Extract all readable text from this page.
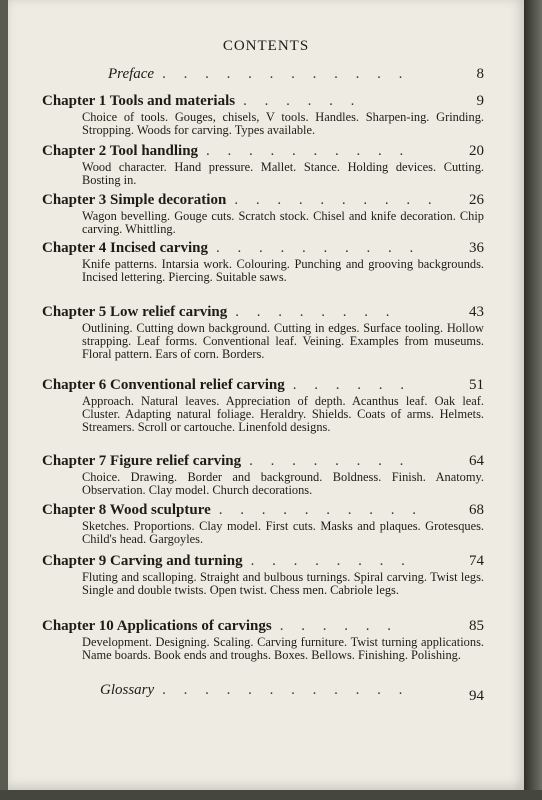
CONTENTS
Preface . . . . . . . . . . . .	8
Chapter 1 Tools and materials . . . . . .	9
Choice of tools. Gouges, chisels, V tools. Handles. Sharpen-ing. Grinding. Stropping. Woods for carving. Types available.
Chapter 2 Tool handling . . . . . . . . . .	20
Wood character. Hand pressure. Mallet. Stance. Holding devices. Cutting. Bosting in.
Chapter 3 Simple decoration . . . . . . . . . .	26
Wagon bevelling. Gouge cuts. Scratch stock. Chisel and knife decoration. Chip carving. Whittling.
Chapter 4 Incised carving . . . . . . . . . .	36
Knife patterns. Intarsia work. Colouring. Punching and grooving backgrounds. Incised lettering. Piercing. Suitable saws.
Chapter 5 Low relief carving . . . . . . . .	43
Outlining. Cutting down background. Cutting in edges. Surface tooling. Hollow strapping. Leaf forms. Conventional leaf. Veining. Examples from museums. Floral pattern. Ears of corn. Borders.
Chapter 6 Conventional relief carving . . . . . .	51
Approach. Natural leaves. Appreciation of depth. Acanthus leaf. Oak leaf. Cluster. Adapting natural foliage. Heraldry. Shields. Coats of arms. Helmets. Streamers. Scroll or cartouche. Linenfold designs.
Chapter 7 Figure relief carving . . . . . . . .	64
Choice. Drawing. Border and background. Boldness. Finish. Anatomy. Observation. Clay model. Church decorations.
Chapter 8 Wood sculpture . . . . . . . . . .	68
Sketches. Proportions. Clay model. First cuts. Masks and plaques. Grotesques. Child's head. Gargoyles.
Chapter 9 Carving and turning . . . . . . . .	74
Fluting and scalloping. Straight and bulbous turnings. Spiral carving. Twist legs. Single and double twists. Open twist. Chess men. Cabriole legs.
Chapter 10 Applications of carvings . . . . . .	85
Development. Designing. Scaling. Carving furniture. Twist turning applications. Name boards. Book ends and troughs. Boxes. Bellows. Finishing. Polishing.
Glossary . . . . . . . . . . . .	94
